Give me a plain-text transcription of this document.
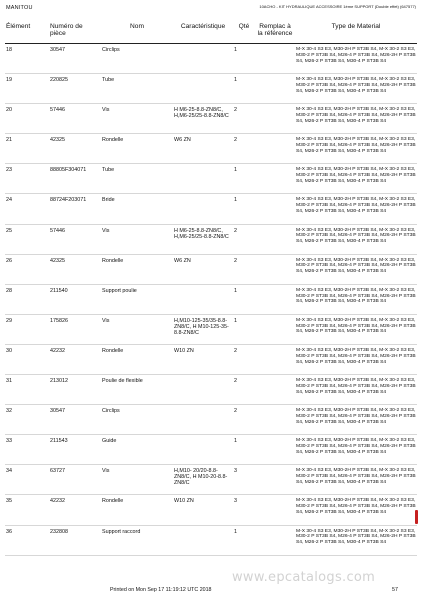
MANITOU	10ACHO - KIT HYDRAULIQUE ACCESSOIRE 1ème SUPPORT (Double effet) (647577)
Élément	Numéro de pièce	Nom	Caractéristique	Qté	Remplac à la référence	Type de Material
18	30547	Circlips		1		M-X 30-4 S3 E3, M30-2H P ST3B S4, M-X 30-2 S3 E3, M30-2 P ST3B S4, M26-4 P ST3B S4, M26-2H P ST3B S4, M26-2 P ST3B S4, M30-4 P ST3B S4
19	220825	Tube		1		M-X 30-4 S3 E3, M30-2H P ST3B S4, M-X 30-2 S3 E3, M30-2 P ST3B S4, M26-4 P ST3B S4, M26-2H P ST3B S4, M26-2 P ST3B S4, M30-4 P ST3B S4
20	57446	Vis	H M6-25-8.8-ZN8/C, H,M6-25/25-8.8-ZN8/C	2		M-X 30-4 S3 E3, M30-2H P ST3B S4, M-X 30-2 S3 E3, M30-2 P ST3B S4, M26-4 P ST3B S4, M26-2H P ST3B S4, M26-2 P ST3B S4, M30-4 P ST3B S4
21	42325	Rondelle	W6 ZN	2		M-X 30-4 S3 E3, M30-2H P ST3B S4, M-X 30-2 S3 E3, M30-2 P ST3B S4, M26-4 P ST3B S4, M26-2H P ST3B S4, M26-2 P ST3B S4, M30-4 P ST3B S4
23	88805F304071	Tube		1		M-X 30-4 S3 E3, M30-2H P ST3B S4, M-X 30-2 S3 E3, M30-2 P ST3B S4, M26-4 P ST3B S4, M26-2H P ST3B S4, M26-2 P ST3B S4, M30-4 P ST3B S4
24	88724F203071	Bride		1		M-X 30-4 S3 E3, M30-2H P ST3B S4, M-X 30-2 S3 E3, M30-2 P ST3B S4, M26-4 P ST3B S4, M26-2H P ST3B S4, M26-2 P ST3B S4, M30-4 P ST3B S4
25	57446	Vis	H M6-25-8.8-ZN8/C, H,M6-25/25-8.8-ZN8/C	2		M-X 30-4 S3 E3, M30-2H P ST3B S4, M-X 30-2 S3 E3, M30-2 P ST3B S4, M26-4 P ST3B S4, M26-2H P ST3B S4, M26-2 P ST3B S4, M30-4 P ST3B S4
26	42325	Rondelle	W6 ZN	2		M-X 30-4 S3 E3, M30-2H P ST3B S4, M-X 30-2 S3 E3, M30-2 P ST3B S4, M26-4 P ST3B S4, M26-2H P ST3B S4, M26-2 P ST3B S4, M30-4 P ST3B S4
28	211540	Support poulie		1		M-X 30-4 S3 E3, M30-2H P ST3B S4, M-X 30-2 S3 E3, M30-2 P ST3B S4, M26-4 P ST3B S4, M26-2H P ST3B S4, M26-2 P ST3B S4, M30-4 P ST3B S4
29	175826	Vis	H,M10-125-35/35-8.8-ZN8/C, H M10-125-35-8.8-ZN8/C	1		M-X 30-4 S3 E3, M30-2H P ST3B S4, M-X 30-2 S3 E3, M30-2 P ST3B S4, M26-4 P ST3B S4, M26-2H P ST3B S4, M26-2 P ST3B S4, M30-4 P ST3B S4
30	42232	Rondelle	W10 ZN	2		M-X 30-4 S3 E3, M30-2H P ST3B S4, M-X 30-2 S3 E3, M30-2 P ST3B S4, M26-4 P ST3B S4, M26-2H P ST3B S4, M26-2 P ST3B S4, M30-4 P ST3B S4
31	213012	Poulie de flexible		2		M-X 30-4 S3 E3, M30-2H P ST3B S4, M-X 30-2 S3 E3, M30-2 P ST3B S4, M26-4 P ST3B S4, M26-2H P ST3B S4, M26-2 P ST3B S4, M30-4 P ST3B S4
32	30547	Circlips		2		M-X 30-4 S3 E3, M30-2H P ST3B S4, M-X 30-2 S3 E3, M30-2 P ST3B S4, M26-4 P ST3B S4, M26-2H P ST3B S4, M26-2 P ST3B S4, M30-4 P ST3B S4
33	211543	Guide		1		M-X 30-4 S3 E3, M30-2H P ST3B S4, M-X 30-2 S3 E3, M30-2 P ST3B S4, M26-4 P ST3B S4, M26-2H P ST3B S4, M26-2 P ST3B S4, M30-4 P ST3B S4
34	63727	Vis	H,M10- 20/20-8.8-ZN8/C, H M10-20-8.8-ZN8/C	3		M-X 30-4 S3 E3, M30-2H P ST3B S4, M-X 30-2 S3 E3, M30-2 P ST3B S4, M26-4 P ST3B S4, M26-2H P ST3B S4, M26-2 P ST3B S4, M30-4 P ST3B S4
35	42232	Rondelle	W10 ZN	3		M-X 30-4 S3 E3, M30-2H P ST3B S4, M-X 30-2 S3 E3, M30-2 P ST3B S4, M26-4 P ST3B S4, M26-2H P ST3B S4, M26-2 P ST3B S4, M30-4 P ST3B S4
36	232808	Support raccord		1		M-X 30-4 S3 E3, M30-2H P ST3B S4, M-X 30-2 S3 E3, M30-2 P ST3B S4, M26-4 P ST3B S4, M26-2H P ST3B S4, M26-2 P ST3B S4, M30-4 P ST3B S4
www.epcatalogs.com
Printed on Mon Sep 17 11:19:12 UTC 2018	57
